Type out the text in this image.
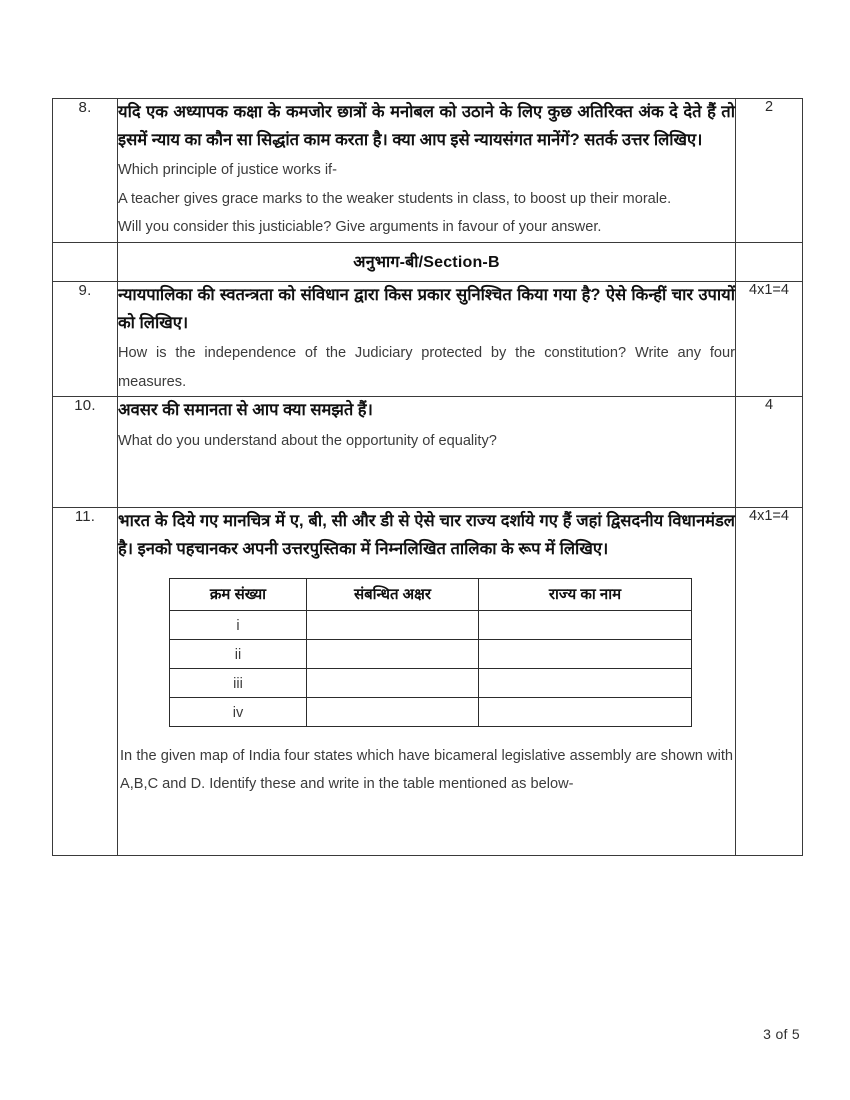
8.	यदि एक अध्यापक कक्षा के कमजोर छात्रों के मनोबल को उठाने के लिए कुछ अतिरिक्त अंक दे देते हैं तो इसमें न्याय का कौन सा सिद्धांत काम करता है। क्या आप इसे न्यायसंगत मानेंगें? सतर्क उत्तर लिखिए।

Which principle of justice works if-

A teacher gives grace marks to the weaker students in class, to boost up their morale.

Will you consider this justiciable? Give arguments in favour of your answer.

	2

अनुभाग-बी/Section-B

9.	न्यायपालिका की स्वतन्त्रता को संविधान द्वारा किस प्रकार सुनिश्चित किया गया है? ऐसे किन्हीं चार उपायों को लिखिए।

How is the independence of the Judiciary protected by the constitution? Write any four measures.

	4x1=4
10.	अवसर की समानता से आप क्या समझते हैं।

What do you understand about the opportunity of equality?

	4
11.	भारत के दिये गए मानचित्र में ए, बी, सी और डी से ऐसे चार राज्य दर्शाये गए हैं जहां द्विसदनीय विधानमंडल है। इनको पहचानकर अपनी उत्तरपुस्तिका में निम्नलिखित तालिका के रूप में लिखिए।

क्रम संख्या	संबन्धित अक्षर	राज्य का नाम
i		
ii		
iii		
iv		

In the given map of India four states which have bicameral legislative assembly are shown with A,B,C and D. Identify these and write in the table mentioned as below-

	4x1=4
3 of 5
